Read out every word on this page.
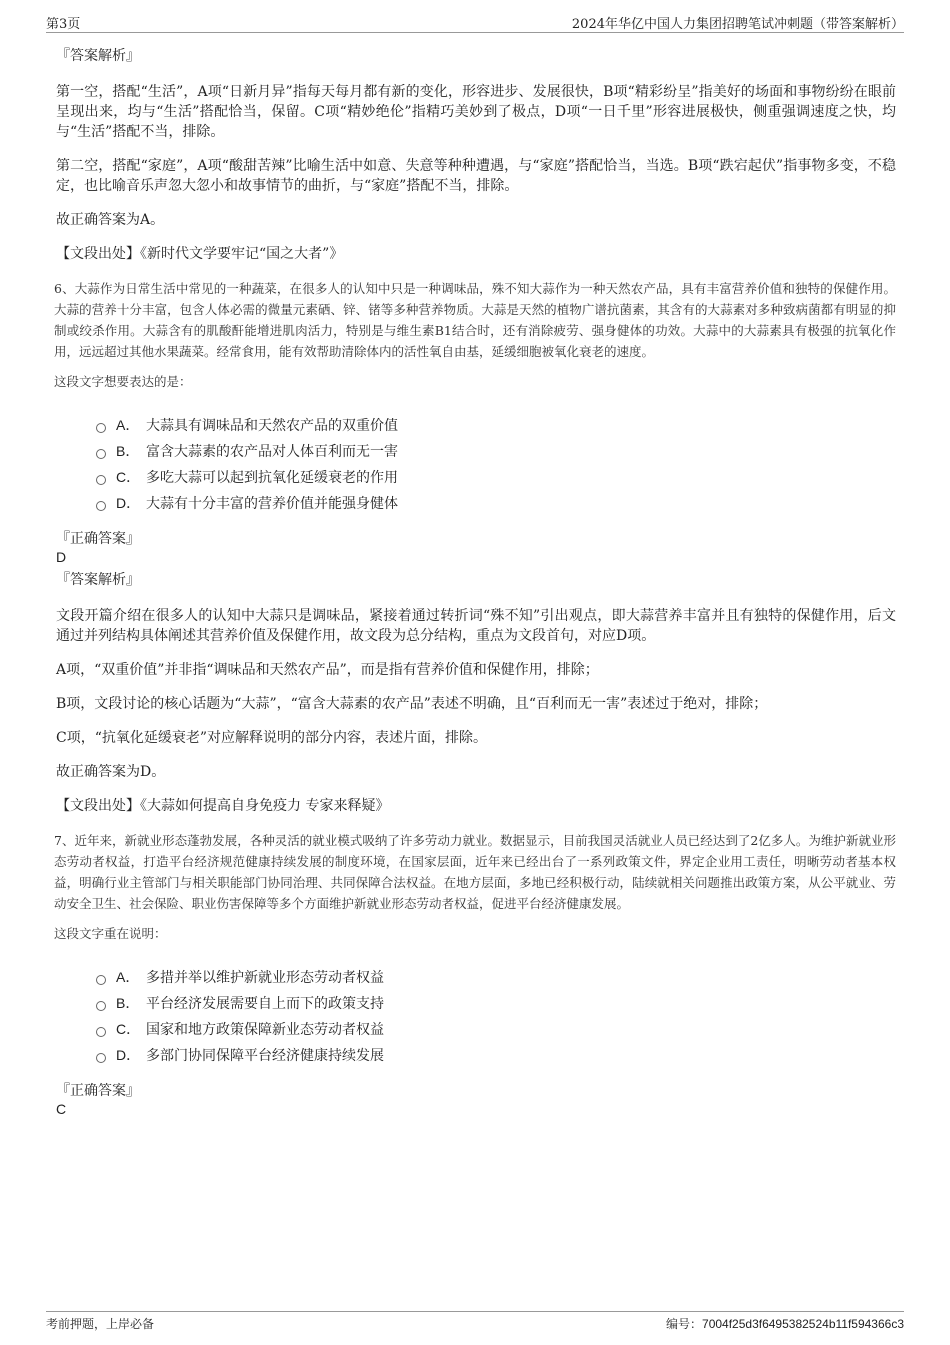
第3页	2024年华亿中国人力集团招聘笔试冲刺题（带答案解析）

『答案解析』

第一空，搭配“生活”，A项“日新月异”指每天每月都有新的变化，形容进步、发展很快，B项“精彩纷呈”指美好的场面和事物纷纷在眼前呈现出来，均与“生活”搭配恰当，保留。C项“精妙绝伦”指精巧美妙到了极点，D项“一日千里”形容进展极快，侧重强调速度之快，均与“生活”搭配不当，排除。

第二空，搭配“家庭”，A项“酸甜苦辣”比喻生活中如意、失意等种种遭遇，与“家庭”搭配恰当，当选。B项“跌宕起伏”指事物多变，不稳定，也比喻音乐声忽大忽小和故事情节的曲折，与“家庭”搭配不当，排除。

故正确答案为A。

【文段出处】《新时代文学要牢记“国之大者”》

6、大蒜作为日常生活中常见的一种蔬菜，在很多人的认知中只是一种调味品，殊不知大蒜作为一种天然农产品，具有丰富营养价值和独特的保健作用。大蒜的营养十分丰富，包含人体必需的微量元素硒、锌、锗等多种营养物质。大蒜是天然的植物广谱抗菌素，其含有的大蒜素对多种致病菌都有明显的抑制或绞杀作用。大蒜含有的肌酸酐能增进肌肉活力，特别是与维生素B1结合时，还有消除疲劳、强身健体的功效。大蒜中的大蒜素具有极强的抗氧化作用，远远超过其他水果蔬菜。经常食用，能有效帮助清除体内的活性氧自由基，延缓细胞被氧化衰老的速度。

这段文字想要表达的是：

A． 大蒜具有调味品和天然农产品的双重价值
B． 富含大蒜素的农产品对人体百利而无一害
C． 多吃大蒜可以起到抗氧化延缓衰老的作用
D． 大蒜有十分丰富的营养价值并能强身健体

『正确答案』

D

『答案解析』

文段开篇介绍在很多人的认知中大蒜只是调味品，紧接着通过转折词“殊不知”引出观点，即大蒜营养丰富并且有独特的保健作用，后文通过并列结构具体阐述其营养价值及保健作用，故文段为总分结构，重点为文段首句，对应D项。

A项，“双重价值”并非指“调味品和天然农产品”，而是指有营养价值和保健作用，排除；

B项，文段讨论的核心话题为“大蒜”，“富含大蒜素的农产品”表述不明确，且“百利而无一害”表述过于绝对，排除；

C项，“抗氧化延缓衰老”对应解释说明的部分内容，表述片面，排除。

故正确答案为D。

【文段出处】《大蒜如何提高自身免疫力 专家来释疑》

7、近年来，新就业形态蓬勃发展，各种灵活的就业模式吸纳了许多劳动力就业。数据显示，目前我国灵活就业人员已经达到了2亿多人。为维护新就业形态劳动者权益，打造平台经济规范健康持续发展的制度环境，在国家层面，近年来已经出台了一系列政策文件，界定企业用工责任，明晰劳动者基本权益，明确行业主管部门与相关职能部门协同治理、共同保障合法权益。在地方层面，多地已经积极行动，陆续就相关问题推出政策方案，从公平就业、劳动安全卫生、社会保险、职业伤害保障等多个方面维护新就业形态劳动者权益，促进平台经济健康发展。

这段文字重在说明：

A． 多措并举以维护新就业形态劳动者权益
B． 平台经济发展需要自上而下的政策支持
C． 国家和地方政策保障新业态劳动者权益
D． 多部门协同保障平台经济健康持续发展

『正确答案』

C

考前押题，上岸必备	编号：7004f25d3f6495382524b11f594366c3
